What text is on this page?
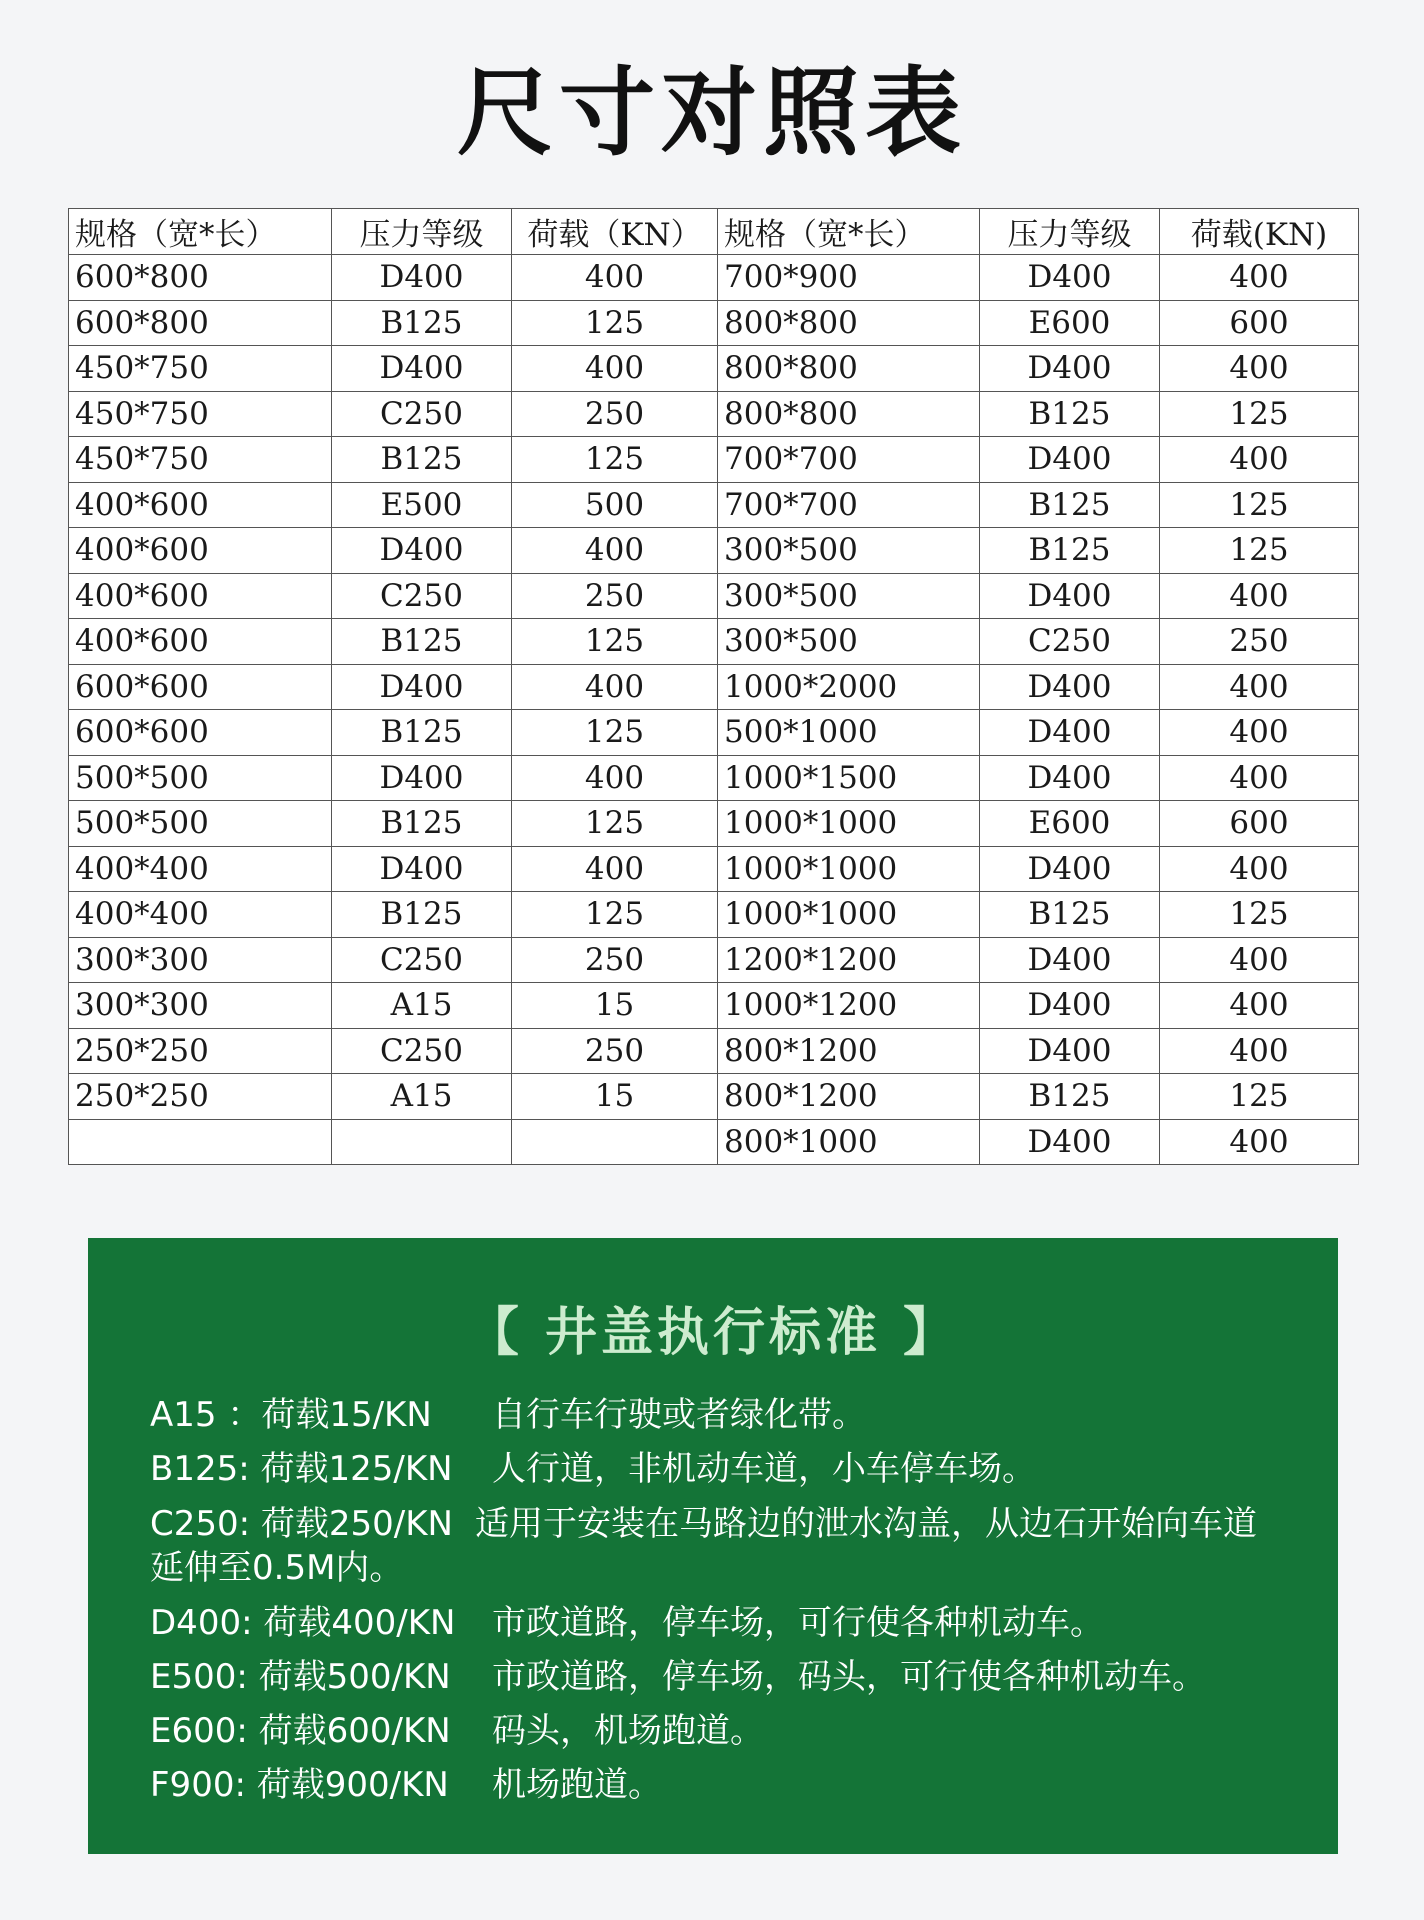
尺寸对照表
规格（宽*长）	压力等级	荷载（KN）	规格（宽*长）	压力等级	荷载(KN)
600*800	D400	400	700*900	D400	400
600*800	B125	125	800*800	E600	600
450*750	D400	400	800*800	D400	400
450*750	C250	250	800*800	B125	125
450*750	B125	125	700*700	D400	400
400*600	E500	500	700*700	B125	125
400*600	D400	400	300*500	B125	125
400*600	C250	250	300*500	D400	400
400*600	B125	125	300*500	C250	250
600*600	D400	400	1000*2000	D400	400
600*600	B125	125	500*1000	D400	400
500*500	D400	400	1000*1500	D400	400
500*500	B125	125	1000*1000	E600	600
400*400	D400	400	1000*1000	D400	400
400*400	B125	125	1000*1000	B125	125
300*300	C250	250	1200*1200	D400	400
300*300	A15	15	1000*1200	D400	400
250*250	C250	250	800*1200	D400	400
250*250	A15	15	800*1200	B125	125
			800*1000	D400	400
【 井盖执行标准 】
A15 ：荷载15/KN	自行车行驶或者绿化带。
B125: 荷载125/KN	人行道，非机动车道，小车停车场。
C250: 荷载250/KN 适用于安装在马路边的泄水沟盖，从边石开始向车道延伸至0.5M内。
D400: 荷载400/KN	市政道路，停车场，可行使各种机动车。
E500: 荷载500/KN	市政道路，停车场，码头，可行使各种机动车。
E600: 荷载600/KN	码头，机场跑道。
F900: 荷载900/KN	机场跑道。
